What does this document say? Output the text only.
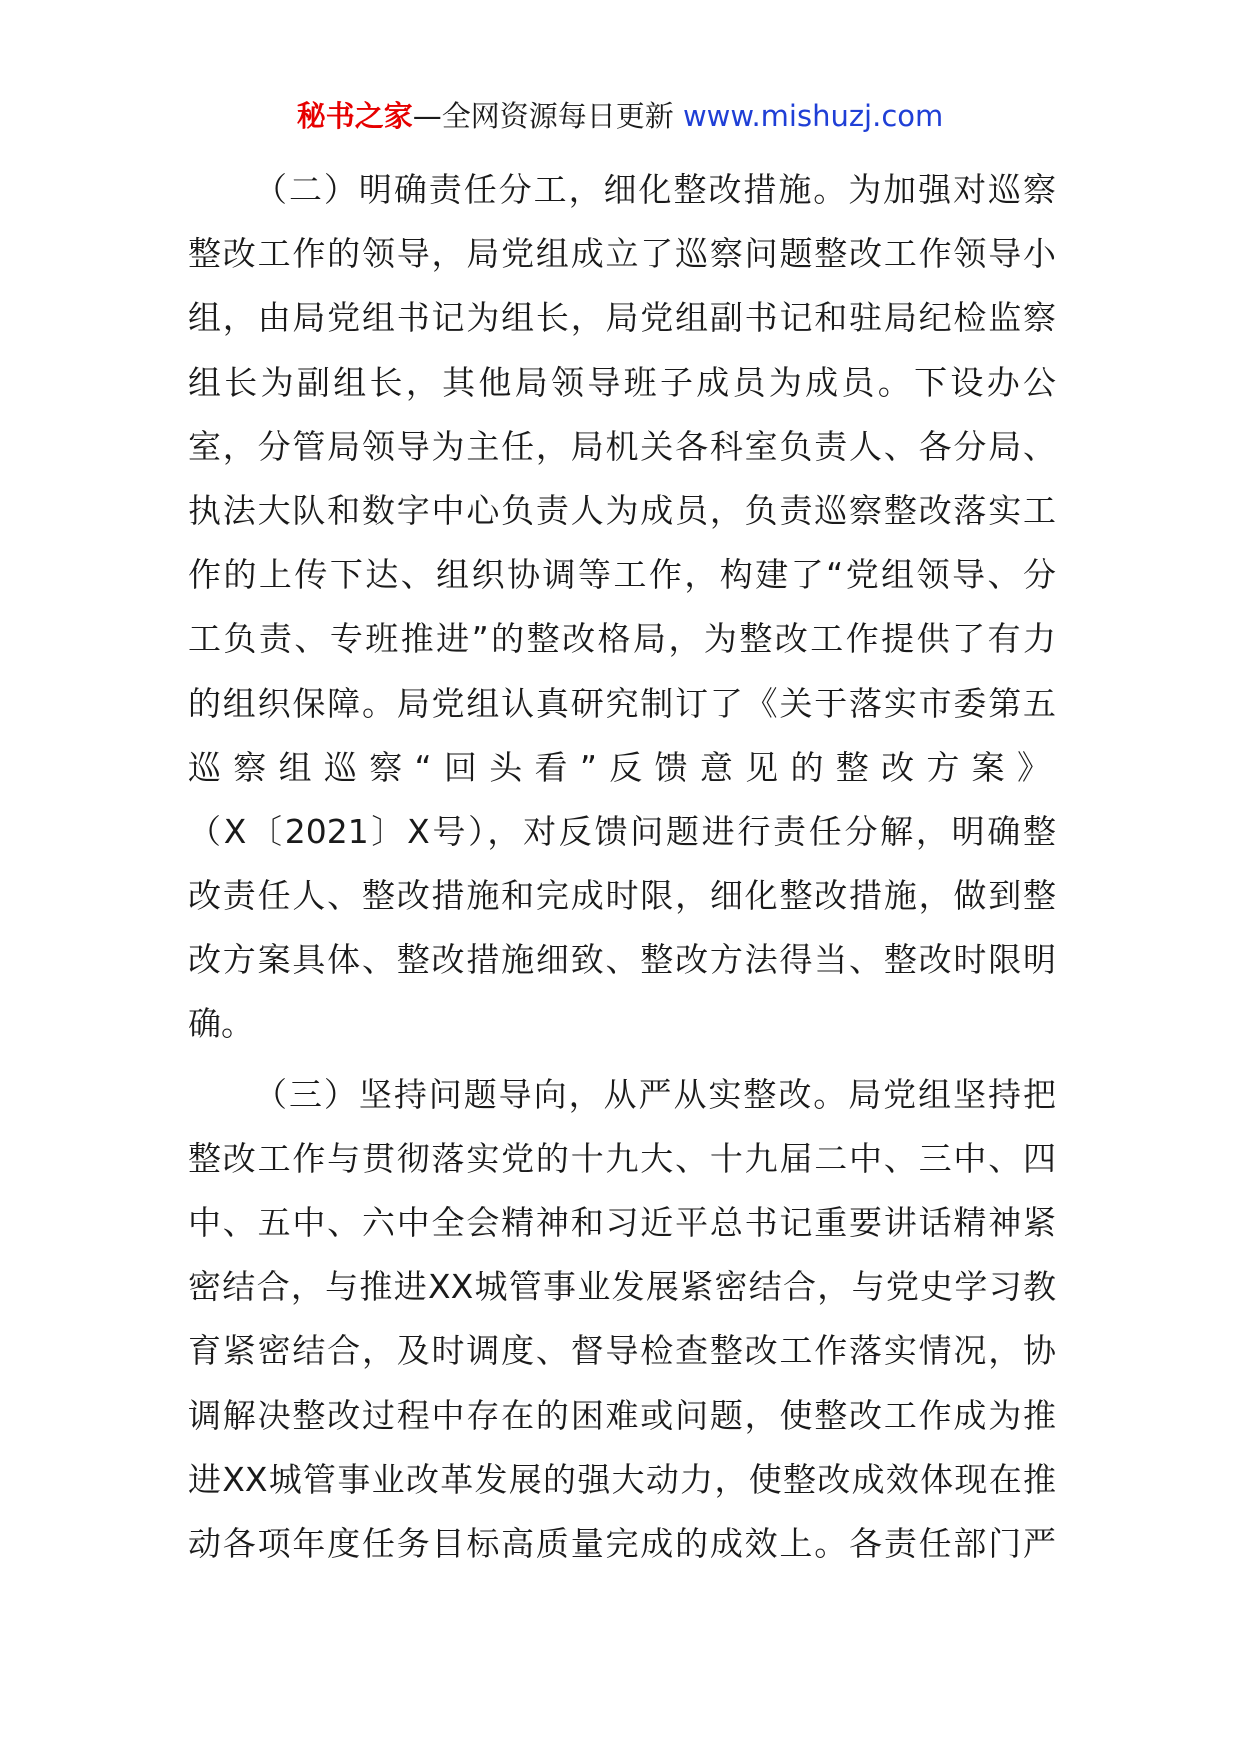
秘书之家—全网资源每日更新 www.mishuzj.com
（二）明确责任分工，细化整改措施。为加强对巡察
整改工作的领导，局党组成立了巡察问题整改工作领导小
组，由局党组书记为组长，局党组副书记和驻局纪检监察
组长为副组长，其他局领导班子成员为成员。下设办公
室，分管局领导为主任，局机关各科室负责人、各分局、
执法大队和数字中心负责人为成员，负责巡察整改落实工
作的上传下达、组织协调等工作，构建了“党组领导、分
工负责、专班推进”的整改格局，为整改工作提供了有力
的组织保障。局党组认真研究制订了《关于落实市委第五
巡察组巡察“回头看”反馈意见的整改方案》
（X〔2021〕X号），对反馈问题进行责任分解，明确整
改责任人、整改措施和完成时限，细化整改措施，做到整
改方案具体、整改措施细致、整改方法得当、整改时限明
确。
（三）坚持问题导向，从严从实整改。局党组坚持把
整改工作与贯彻落实党的十九大、十九届二中、三中、四
中、五中、六中全会精神和习近平总书记重要讲话精神紧
密结合，与推进XX城管事业发展紧密结合，与党史学习教
育紧密结合，及时调度、督导检查整改工作落实情况，协
调解决整改过程中存在的困难或问题，使整改工作成为推
进XX城管事业改革发展的强大动力，使整改成效体现在推
动各项年度任务目标高质量完成的成效上。各责任部门严
